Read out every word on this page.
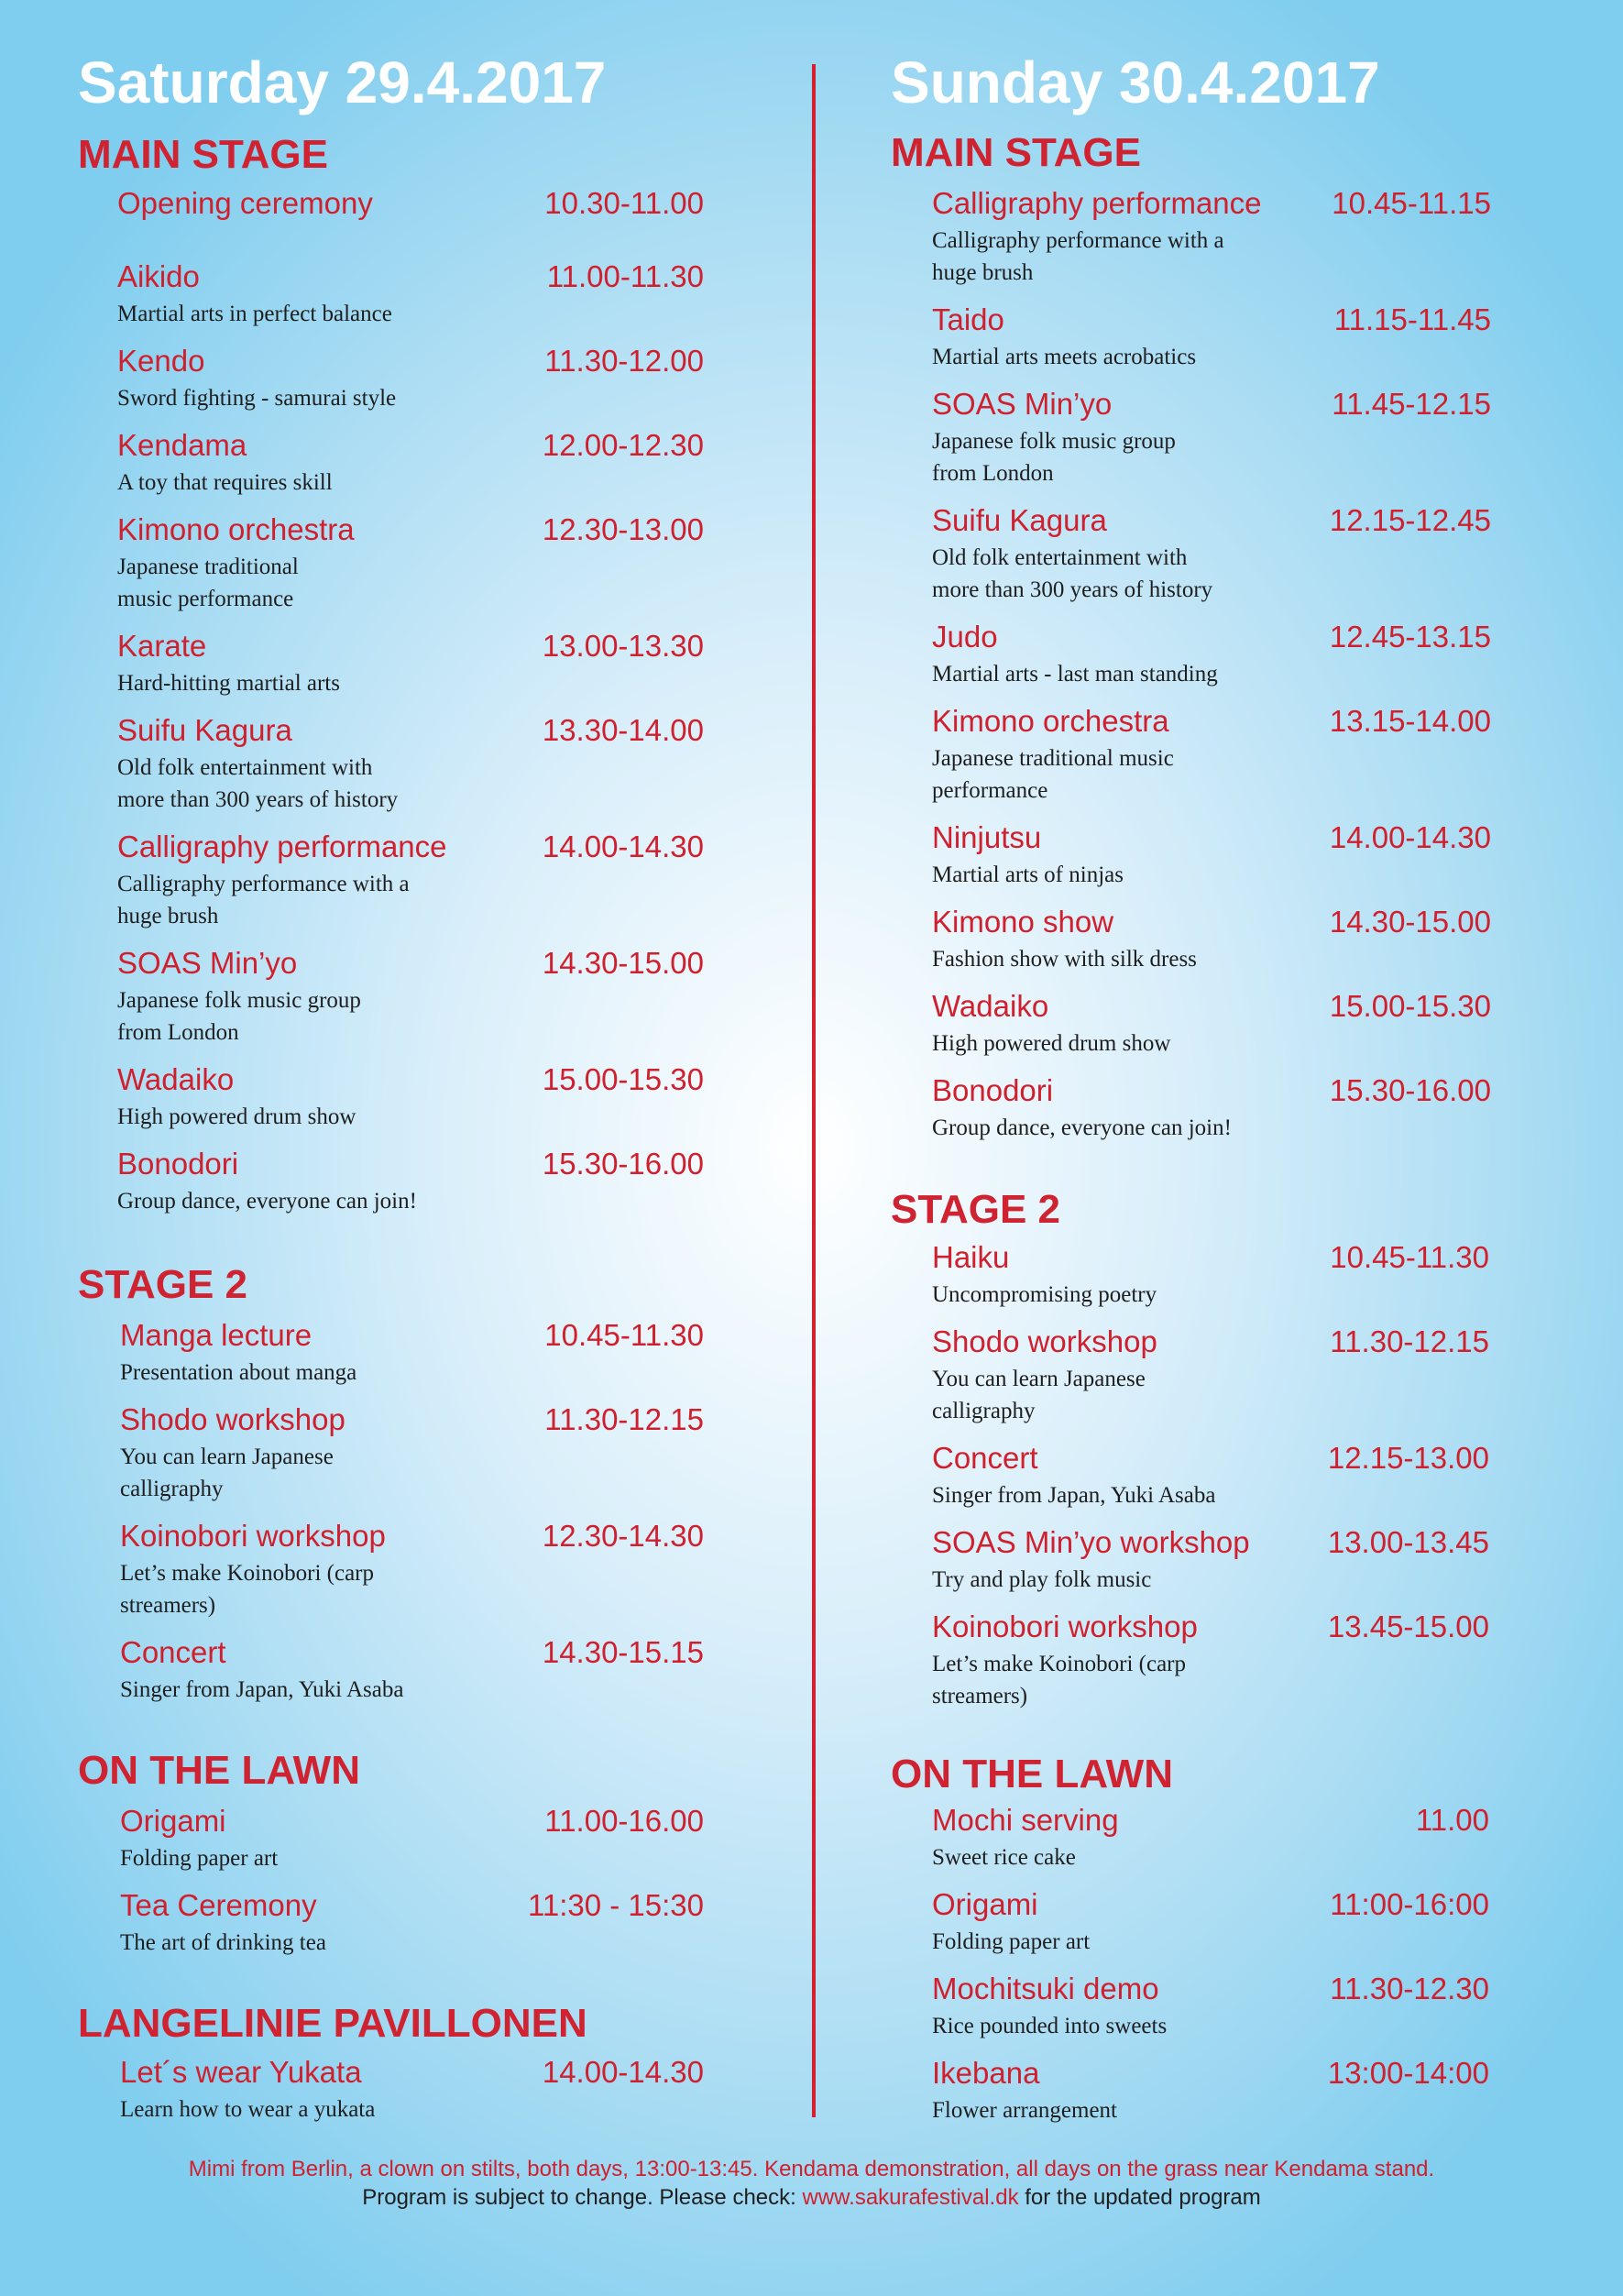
Saturday 29.4.2017
MAIN STAGE
Opening ceremony	10.30-11.00
Aikido	11.00-11.30
Martial arts in perfect balance
Kendo	11.30-12.00
Sword fighting - samurai style
Kendama	12.00-12.30
A toy that requires skill
Kimono orchestra	12.30-13.00
Japanese traditional
music performance
Karate	13.00-13.30
Hard-hitting martial arts
Suifu Kagura	13.30-14.00
Old folk entertainment with
more than 300 years of history
Calligraphy performance	14.00-14.30
Calligraphy performance with a
huge brush
SOAS Min’yo	14.30-15.00
Japanese folk music group
from London
Wadaiko	15.00-15.30
High powered drum show
Bonodori	15.30-16.00
Group dance, everyone can join!
STAGE 2
Manga lecture	10.45-11.30
Presentation about manga
Shodo workshop	11.30-12.15
You can learn Japanese
calligraphy
Koinobori workshop	12.30-14.30
Let’s make Koinobori (carp
streamers)
Concert	14.30-15.15
Singer from Japan, Yuki Asaba
ON THE LAWN
Origami	11.00-16.00
Folding paper art
Tea Ceremony	11:30 - 15:30
The art of drinking tea
LANGELINIE PAVILLONEN
Let´s wear Yukata	14.00-14.30
Learn how to wear a yukata
Sunday 30.4.2017
MAIN STAGE
Calligraphy performance 10.45-11.15
Calligraphy performance with a
huge brush
Taido	11.15-11.45
Martial arts meets acrobatics
SOAS Min’yo	11.45-12.15
Japanese folk music group
from London
Suifu Kagura	12.15-12.45
Old folk entertainment with
more than 300 years of history
Judo	12.45-13.15
Martial arts - last man standing
Kimono orchestra	13.15-14.00
Japanese traditional music
performance
Ninjutsu	14.00-14.30
Martial arts of ninjas
Kimono show	14.30-15.00
Fashion show with silk dress
Wadaiko	15.00-15.30
High powered drum show
Bonodori	15.30-16.00
Group dance, everyone can join!
STAGE 2
Haiku	10.45-11.30
Uncompromising poetry
Shodo workshop	11.30-12.15
You can learn Japanese
calligraphy
Concert	12.15-13.00
Singer from Japan, Yuki Asaba
SOAS Min’yo workshop	13.00-13.45
Try and play folk music
Koinobori workshop	13.45-15.00
Let’s make Koinobori (carp
streamers)
ON THE LAWN
Mochi serving	11.00
Sweet rice cake
Origami	11:00-16:00
Folding paper art
Mochitsuki demo	11.30-12.30
Rice pounded into sweets
Ikebana	13:00-14:00
Flower arrangement
Mimi from Berlin, a clown on stilts, both days, 13:00-13:45. Kendama demonstration, all days on the grass near Kendama stand.
Program is subject to change. Please check: www.sakurafestival.dk for the updated program
